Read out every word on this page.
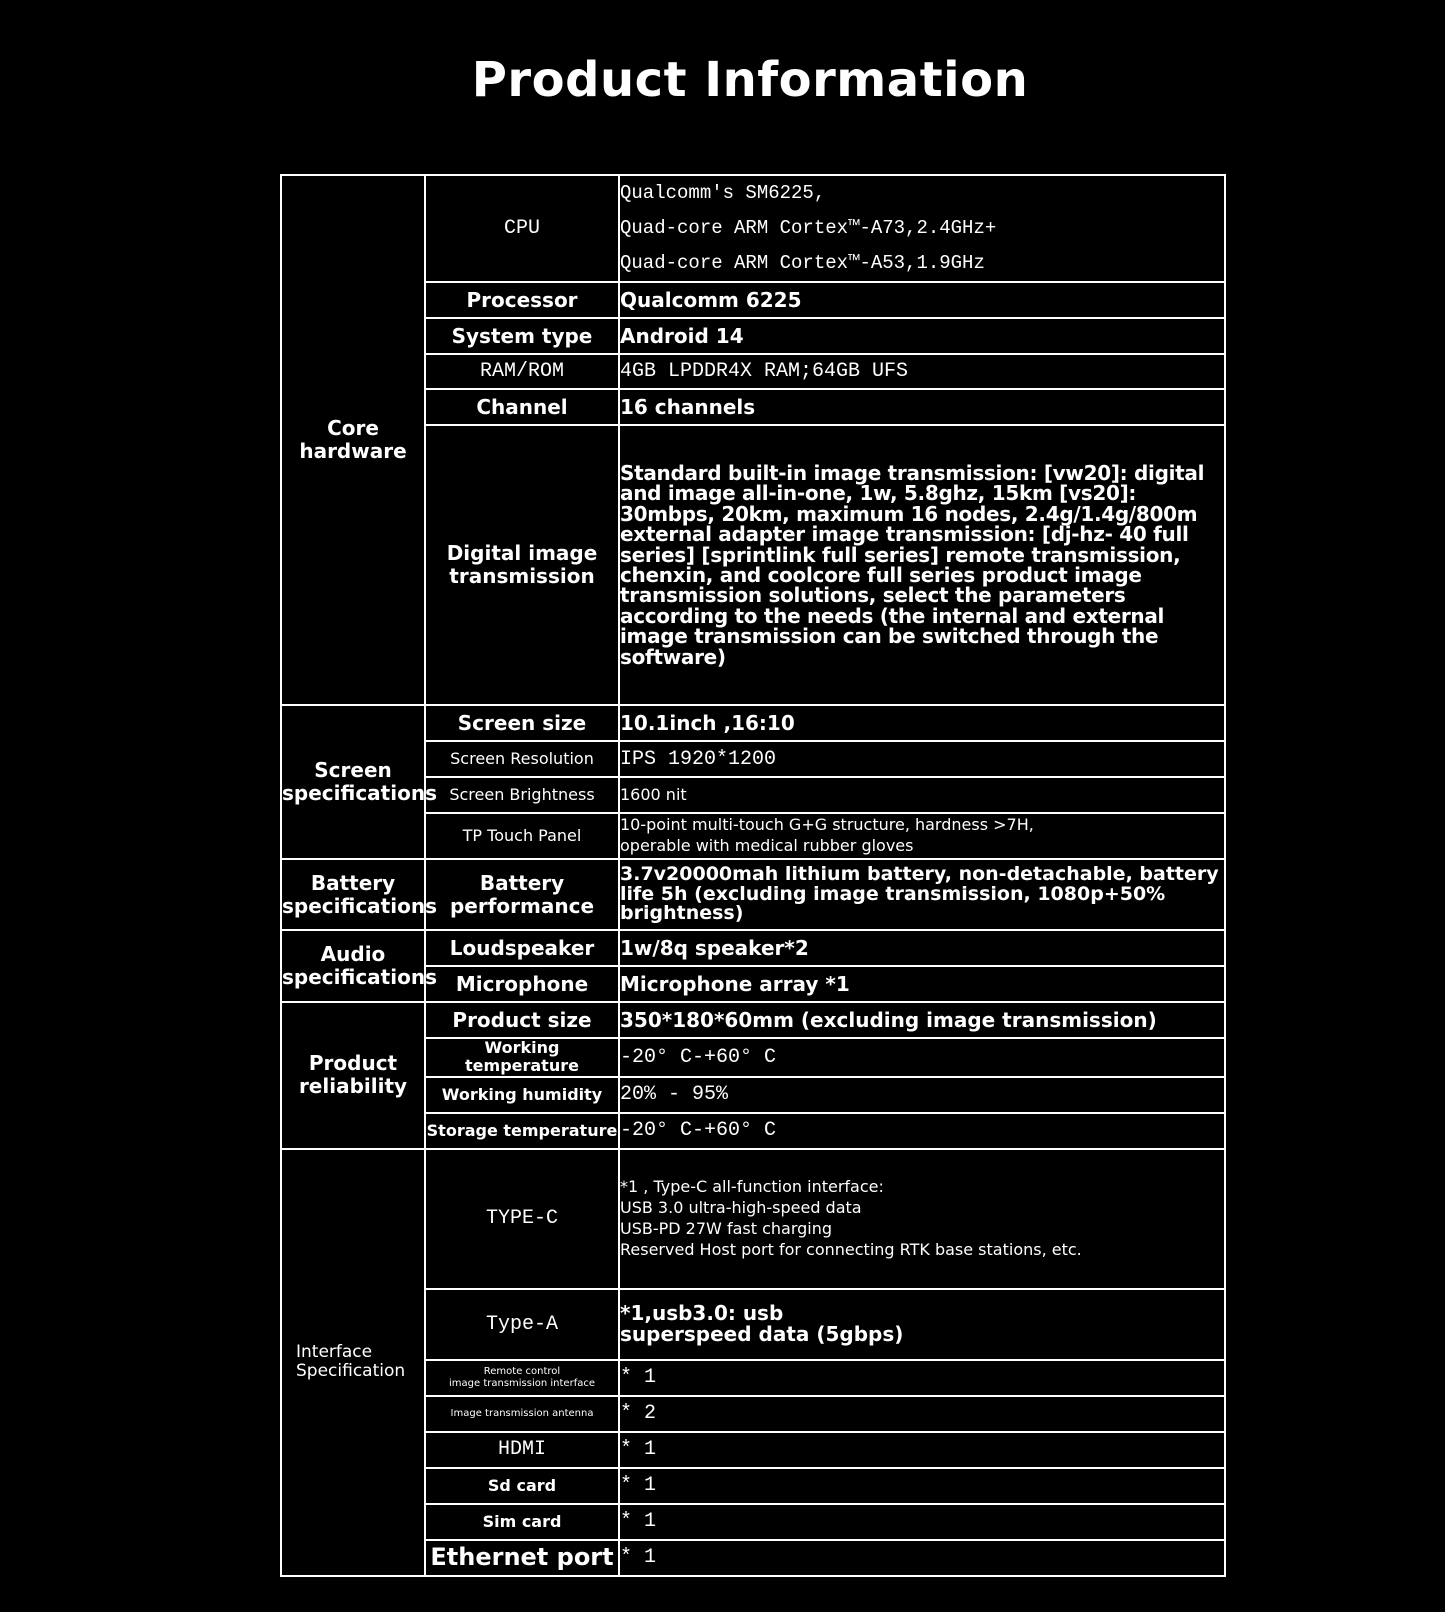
Product Information
Core hardware	CPU	Qualcomm's SM6225,
Quad-core ARM Cortex™-A73,2.4GHz+
Quad-core ARM Cortex™-A53,1.9GHz

	Processor	Qualcomm 6225
	System type	Android 14
	RAM/ROM	4GB LPDDR4X RAM;64GB UFS
	Channel	16 channels
	Digital image transmission	Standard built-in image transmission: [vw20]: digital and image all-in-one, 1w, 5.8ghz, 15km [vs20]: 30mbps, 20km, maximum 16 nodes, 2.4g/1.4g/800m external adapter image transmission: [dj-hz- 40 full series] [sprintlink full series] remote transmission, chenxin, and coolcore full series product image transmission solutions, select the parameters according to the needs (the internal and external image transmission can be switched through the software)
Screen specifications	Screen size	10.1inch ,16:10
	Screen Resolution	IPS 1920*1200
	Screen Brightness	1600 nit
	TP Touch Panel	10-point multi-touch G+G structure, hardness >7H,
operable with medical rubber gloves

Battery specifications	Battery performance	3.7v20000mah lithium battery, non-detachable, battery life 5h (excluding image transmission, 1080p+50% brightness)
Audio specifications	Loudspeaker	1w/8q speaker*2
	Microphone	Microphone array *1
Product reliability	Product size	350*180*60mm (excluding image transmission)
	Working temperature	-20° C-+60° C
	Working humidity	20% - 95%
	Storage temperature	-20° C-+60° C
Interface Specification	TYPE-C	*1 , Type-C all-function interface:
USB 3.0 ultra-high-speed data
USB-PD 27W fast charging
Reserved Host port for connecting RTK base stations, etc.

	Type-A	*1,usb3.0: usb
superspeed data (5gbps)

	Remote control
image transmission interface	* 1
	Image transmission antenna	* 2
	HDMI	* 1
	Sd card	* 1
	Sim card	* 1
	Ethernet port	* 1
